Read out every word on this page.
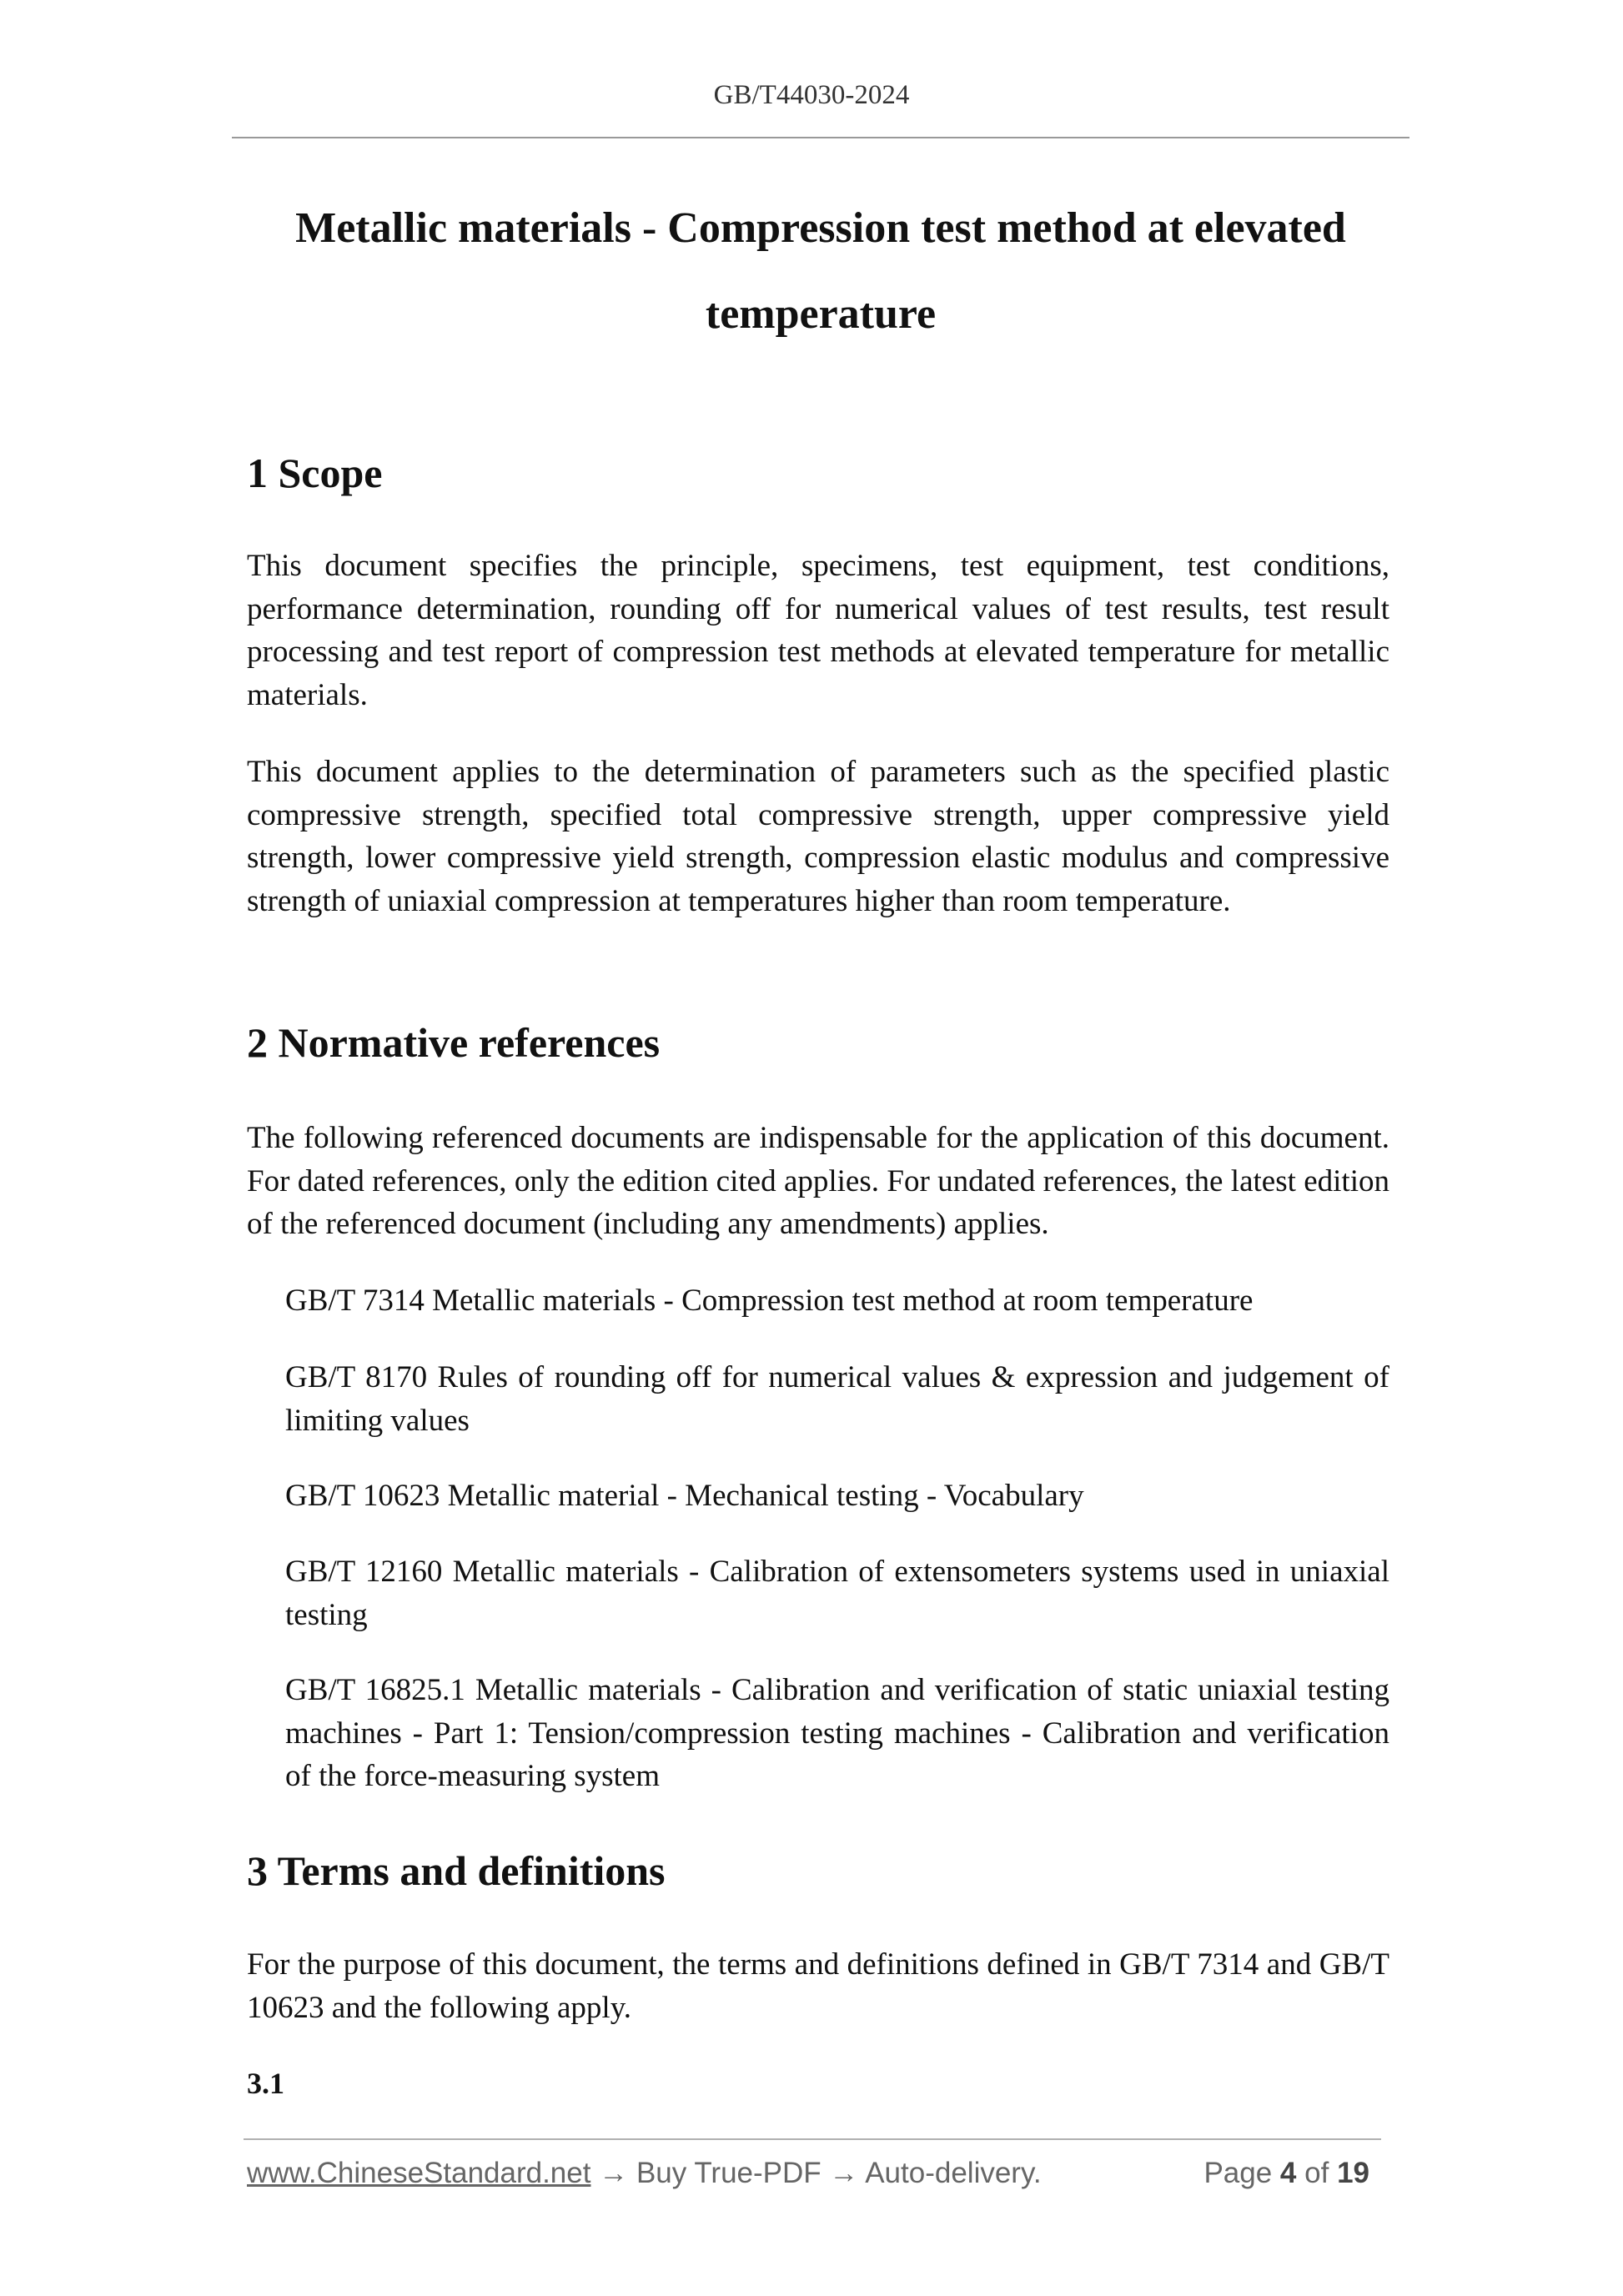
GB/T44030-2024
Metallic materials - Compression test method at elevated
temperature
1 Scope

This document specifies the principle, specimens, test equipment, test conditions, performance determination, rounding off for numerical values of test results, test result processing and test report of compression test methods at elevated temperature for metallic materials.

This document applies to the determination of parameters such as the specified plastic compressive strength, specified total compressive strength, upper compressive yield strength, lower compressive yield strength, compression elastic modulus and compressive strength of uniaxial compression at temperatures higher than room temperature.

2 Normative references

The following referenced documents are indispensable for the application of this document. For dated references, only the edition cited applies. For undated references, the latest edition of the referenced document (including any amendments) applies.

GB/T 7314 Metallic materials - Compression test method at room temperature

GB/T 8170 Rules of rounding off for numerical values & expression and judgement of limiting values

GB/T 10623 Metallic material - Mechanical testing - Vocabulary

GB/T 12160 Metallic materials - Calibration of extensometers systems used in uniaxial testing

GB/T 16825.1 Metallic materials - Calibration and verification of static uniaxial testing machines - Part 1: Tension/compression testing machines - Calibration and verification of the force-measuring system

3 Terms and definitions

For the purpose of this document, the terms and definitions defined in GB/T 7314 and GB/T 10623 and the following apply.

3.1

www.ChineseStandard.net → Buy True-PDF → Auto-delivery.	Page 4 of 19
